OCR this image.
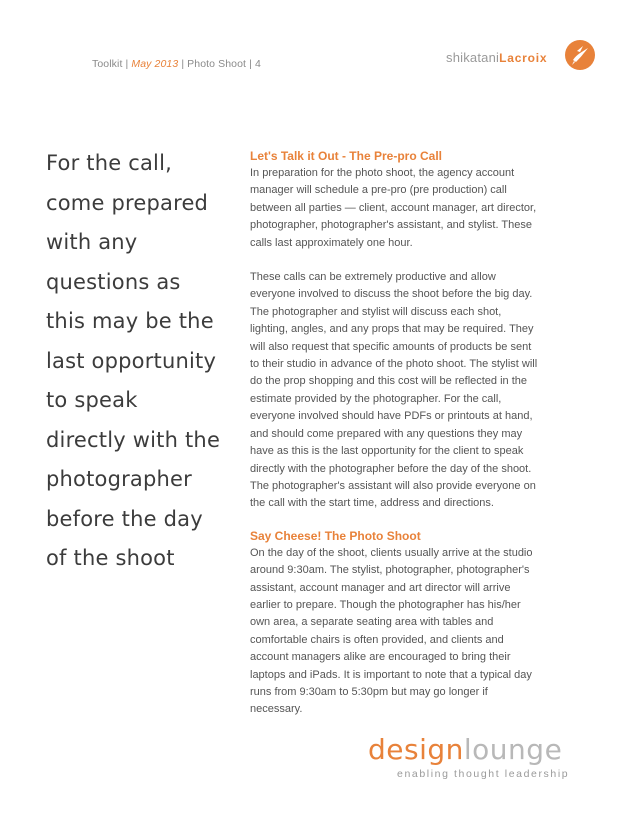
Toolkit | May 2013 | Photo Shoot | 4	shikataniLacroix
For the call,
come prepared
with any
questions as
this may be the
last opportunity
to speak
directly with the
photographer
before the day
of the shoot
Let's Talk it Out - The Pre-pro Call

In preparation for the photo shoot, the agency account
manager will schedule a pre-pro (pre production) call
between all parties — client, account manager, art director,
photographer, photographer's assistant, and stylist. These
calls last approximately one hour.

These calls can be extremely productive and allow
everyone involved to discuss the shoot before the big day.
The photographer and stylist will discuss each shot,
lighting, angles, and any props that may be required. They
will also request that specific amounts of products be sent
to their studio in advance of the photo shoot. The stylist will
do the prop shopping and this cost will be reflected in the
estimate provided by the photographer. For the call,
everyone involved should have PDFs or printouts at hand,
and should come prepared with any questions they may
have as this is the last opportunity for the client to speak
directly with the photographer before the day of the shoot.
The photographer's assistant will also provide everyone on
the call with the start time, address and directions.

Say Cheese! The Photo Shoot

On the day of the shoot, clients usually arrive at the studio
around 9:30am. The stylist, photographer, photographer's
assistant, account manager and art director will arrive
earlier to prepare. Though the photographer has his/her
own area, a separate seating area with tables and
comfortable chairs is often provided, and clients and
account managers alike are encouraged to bring their
laptops and iPads. It is important to note that a typical day
runs from 9:30am to 5:30pm but may go longer if
necessary.

designlounge
enabling thought leadership
